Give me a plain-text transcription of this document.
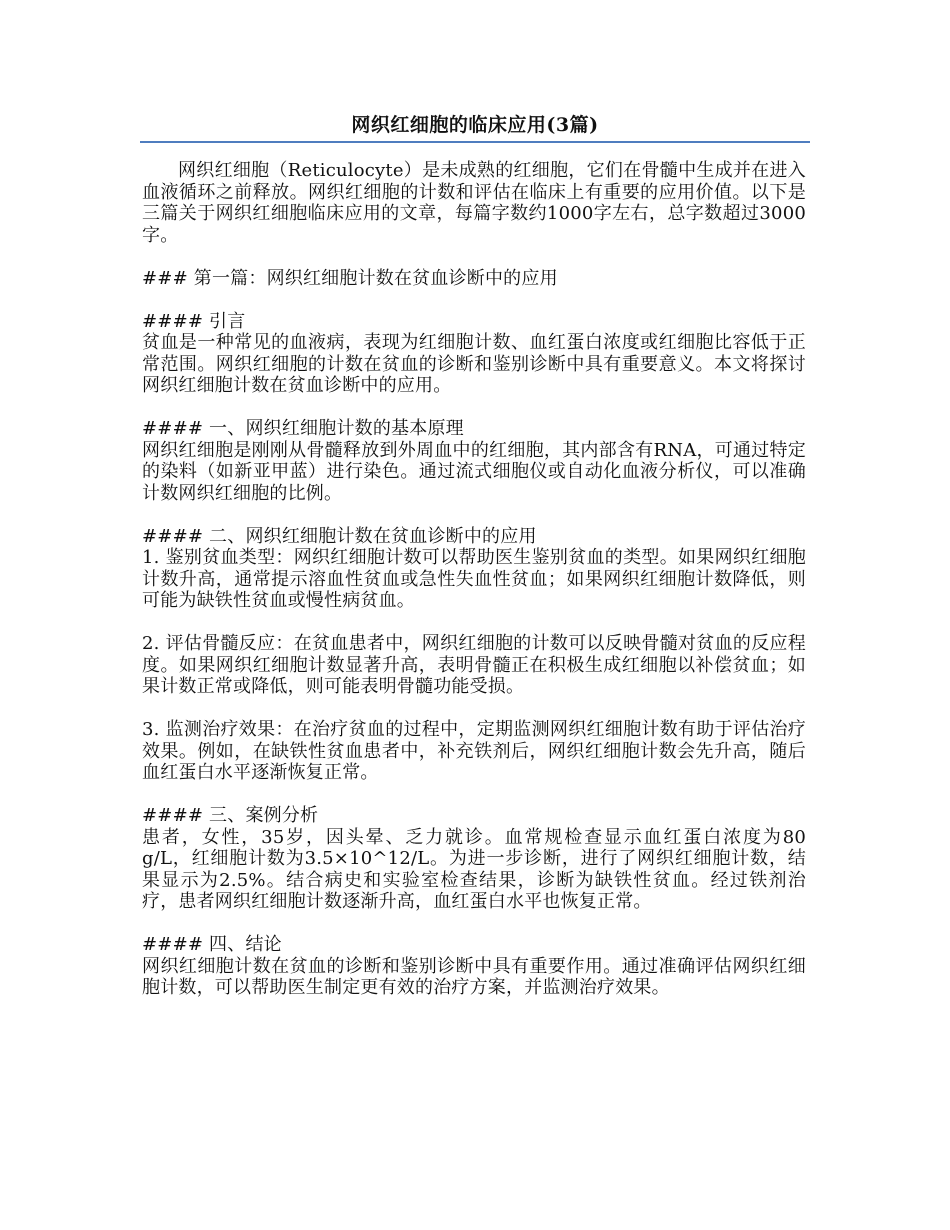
网织红细胞的临床应用(3篇)

网织红细胞（Reticulocyte）是未成熟的红细胞，它们在骨髓中生成并在进入血液循环之前释放。网织红细胞的计数和评估在临床上有重要的应用价值。以下是三篇关于网织红细胞临床应用的文章，每篇字数约1000字左右，总字数超过3000字。

### 第一篇：网织红细胞计数在贫血诊断中的应用

#### 引言

贫血是一种常见的血液病，表现为红细胞计数、血红蛋白浓度或红细胞比容低于正常范围。网织红细胞的计数在贫血的诊断和鉴别诊断中具有重要意义。本文将探讨网织红细胞计数在贫血诊断中的应用。

#### 一、网织红细胞计数的基本原理

网织红细胞是刚刚从骨髓释放到外周血中的红细胞，其内部含有RNA，可通过特定的染料（如新亚甲蓝）进行染色。通过流式细胞仪或自动化血液分析仪，可以准确计数网织红细胞的比例。

#### 二、网织红细胞计数在贫血诊断中的应用

1. 鉴别贫血类型：网织红细胞计数可以帮助医生鉴别贫血的类型。如果网织红细胞计数升高，通常提示溶血性贫血或急性失血性贫血；如果网织红细胞计数降低，则可能为缺铁性贫血或慢性病贫血。

2. 评估骨髓反应：在贫血患者中，网织红细胞的计数可以反映骨髓对贫血的反应程度。如果网织红细胞计数显著升高，表明骨髓正在积极生成红细胞以补偿贫血；如果计数正常或降低，则可能表明骨髓功能受损。

3. 监测治疗效果：在治疗贫血的过程中，定期监测网织红细胞计数有助于评估治疗效果。例如，在缺铁性贫血患者中，补充铁剂后，网织红细胞计数会先升高，随后血红蛋白水平逐渐恢复正常。

#### 三、案例分析

患者，女性，35岁，因头晕、乏力就诊。血常规检查显示血红蛋白浓度为80 g/L，红细胞计数为3.5×10^12/L。为进一步诊断，进行了网织红细胞计数，结果显示为2.5%。结合病史和实验室检查结果，诊断为缺铁性贫血。经过铁剂治疗，患者网织红细胞计数逐渐升高，血红蛋白水平也恢复正常。

#### 四、结论

网织红细胞计数在贫血的诊断和鉴别诊断中具有重要作用。通过准确评估网织红细胞计数，可以帮助医生制定更有效的治疗方案，并监测治疗效果。
